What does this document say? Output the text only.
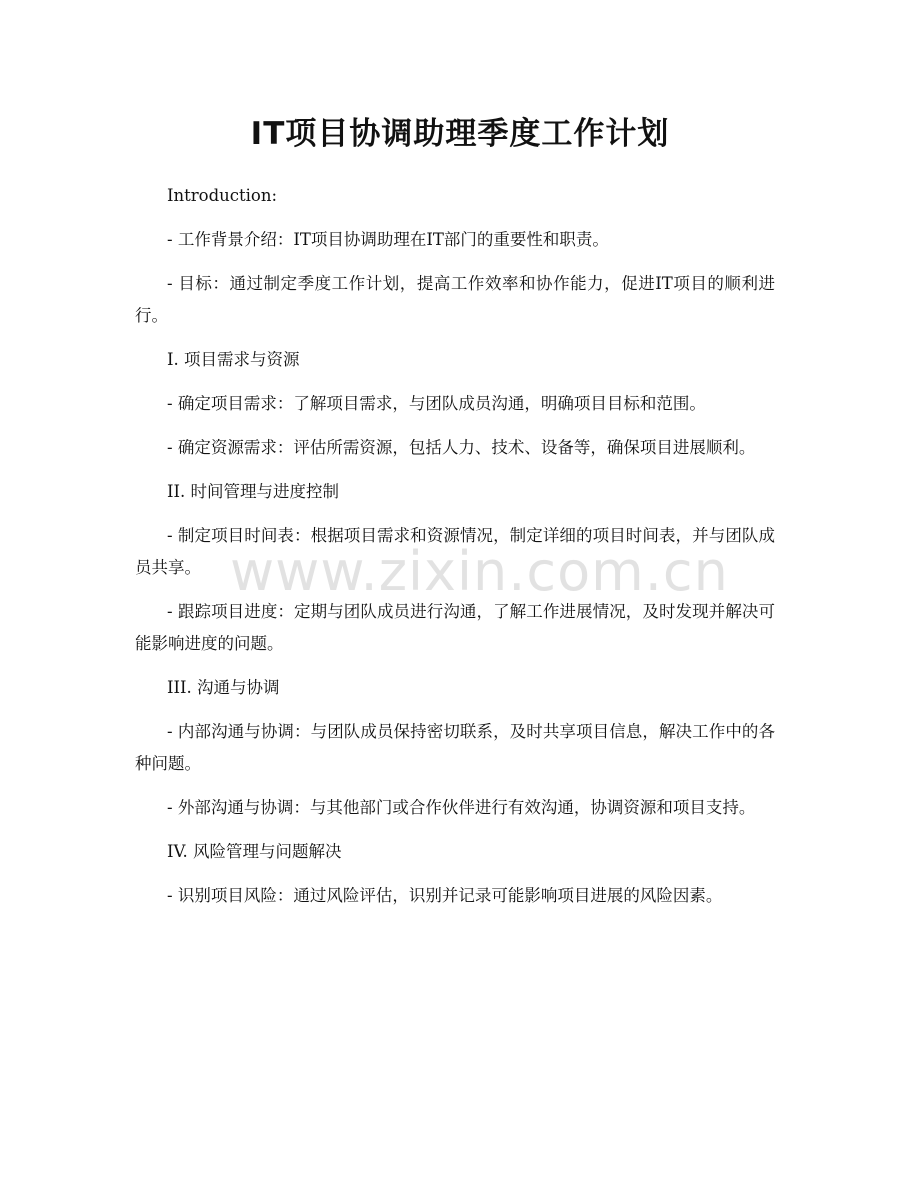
IT项目协调助理季度工作计划

Introduction:

- 工作背景介绍：IT项目协调助理在IT部门的重要性和职责。

- 目标：通过制定季度工作计划，提高工作效率和协作能力，促进IT项目的顺利进行。

I. 项目需求与资源

- 确定项目需求：了解项目需求，与团队成员沟通，明确项目目标和范围。

- 确定资源需求：评估所需资源，包括人力、技术、设备等，确保项目进展顺利。

II. 时间管理与进度控制

- 制定项目时间表：根据项目需求和资源情况，制定详细的项目时间表，并与团队成员共享。

- 跟踪项目进度：定期与团队成员进行沟通，了解工作进展情况，及时发现并解决可能影响进度的问题。

III. 沟通与协调

- 内部沟通与协调：与团队成员保持密切联系，及时共享项目信息，解决工作中的各种问题。

- 外部沟通与协调：与其他部门或合作伙伴进行有效沟通，协调资源和项目支持。

IV. 风险管理与问题解决

- 识别项目风险：通过风险评估，识别并记录可能影响项目进展的风险因素。

www.zixin.com.cn
